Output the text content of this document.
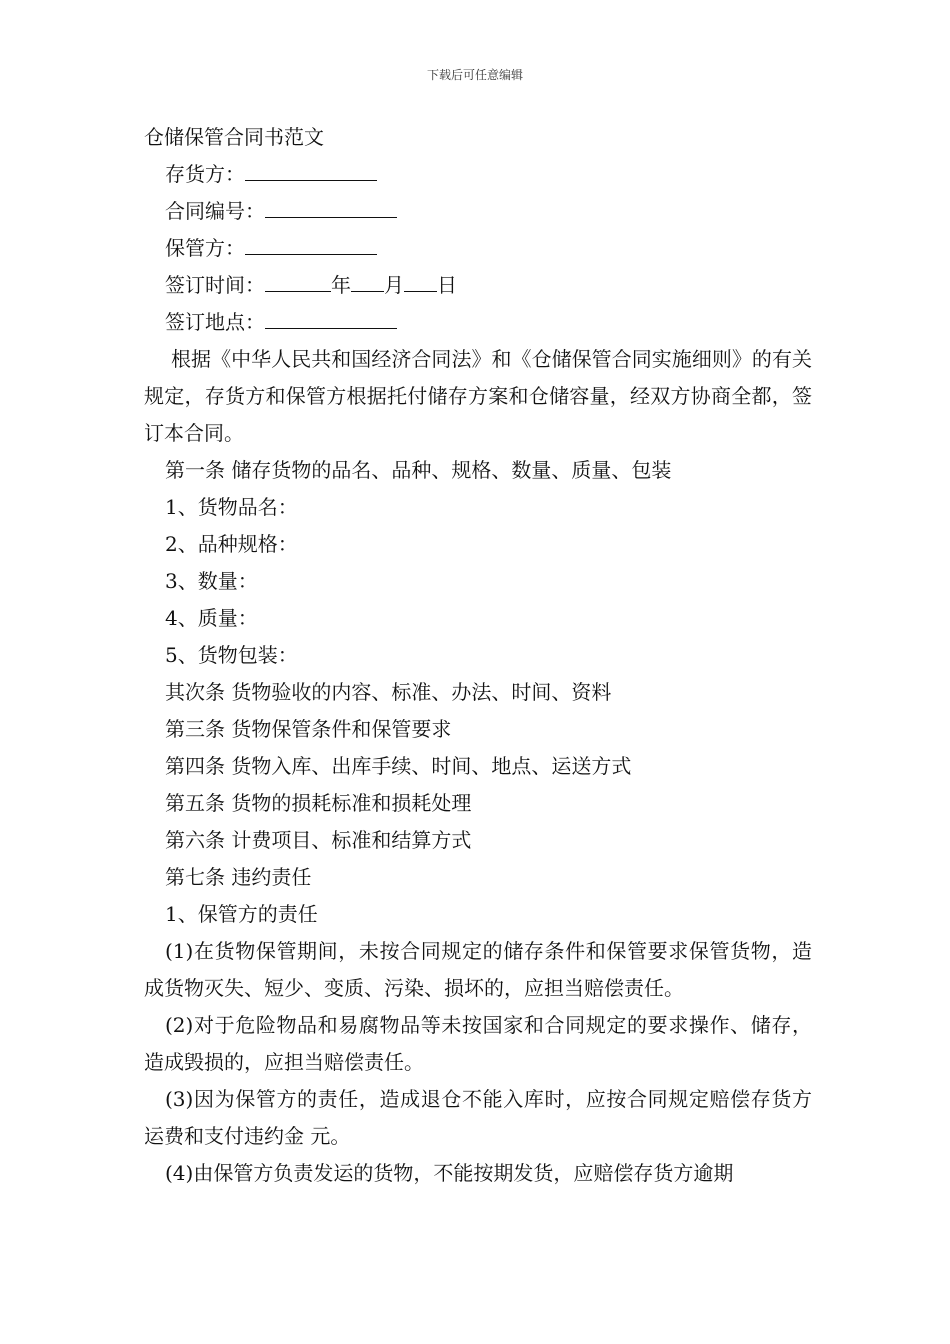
下载后可任意编辑
仓储保管合同书范文
存货方：
合同编号：
保管方：
签订时间：	年 月 日
签订地点：

根据《中华人民共和国经济合同法》和《仓储保管合同实施细则》的有关规定，存货方和保管方根据托付储存方案和仓储容量，经双方协商全都，签订本合同。

第一条 储存货物的品名、品种、规格、数量、质量、包装
1、货物品名：
2、品种规格：
3、数量：
4、质量：
5、货物包装：
其次条 货物验收的内容、标准、办法、时间、资料
第三条 货物保管条件和保管要求
第四条 货物入库、出库手续、时间、地点、运送方式
第五条 货物的损耗标准和损耗处理
第六条 计费项目、标准和结算方式
第七条 违约责任
1、保管方的责任

(1)在货物保管期间，未按合同规定的储存条件和保管要求保管货物，造成货物灭失、短少、变质、污染、损坏的，应担当赔偿责任。

(2)对于危险物品和易腐物品等未按国家和合同规定的要求操作、储存，造成毁损的，应担当赔偿责任。

(3)因为保管方的责任，造成退仓不能入库时，应按合同规定赔偿存货方运费和支付违约金 元。

(4)由保管方负责发运的货物，不能按期发货，应赔偿存货方逾期
